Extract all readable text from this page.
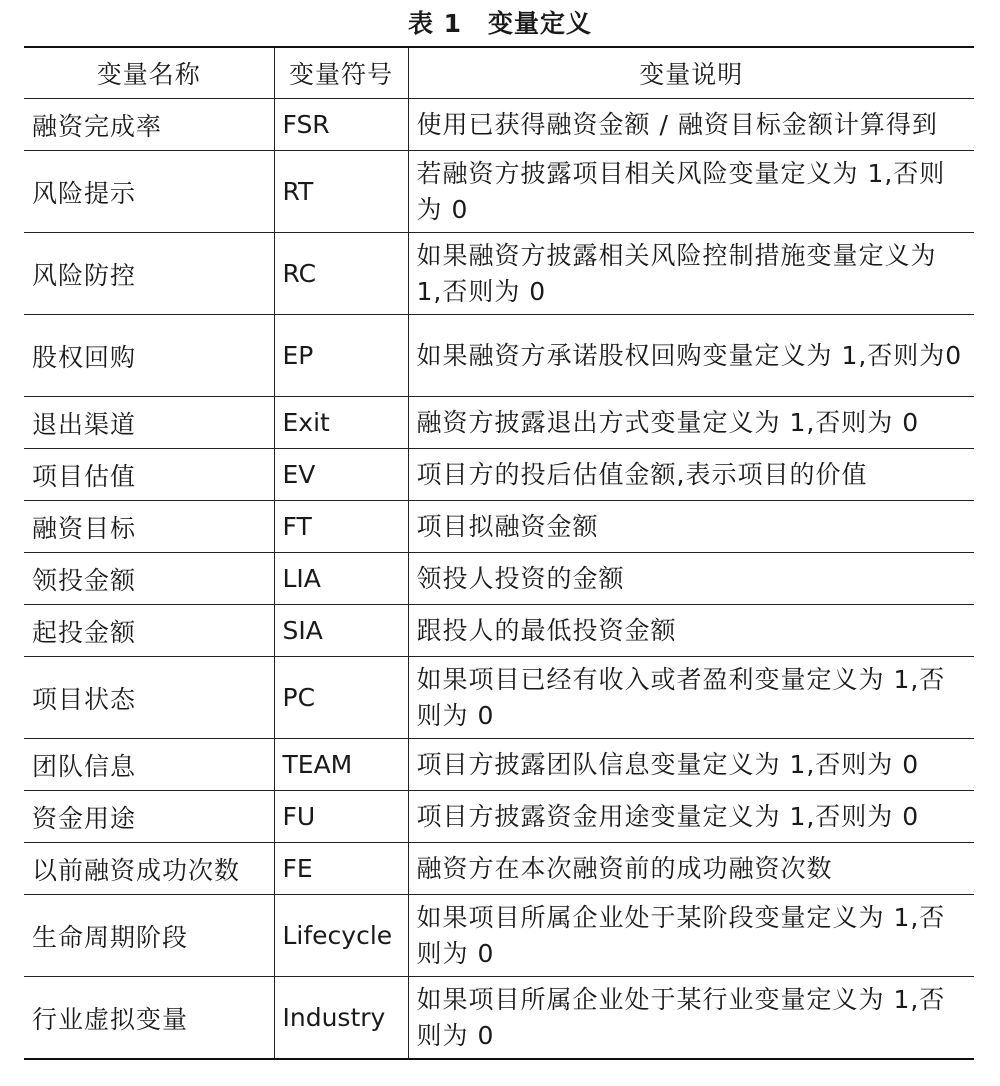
表 1 变量定义
变量名称	变量符号	变量说明
融资完成率	FSR	使用已获得融资金额 / 融资目标金额计算得到
风险提示	RT	若融资方披露项目相关风险变量定义为 1,否则为 0
风险防控	RC	如果融资方披露相关风险控制措施变量定义为 1,否则为 0
股权回购	EP	如果融资方承诺股权回购变量定义为 1,否则为0
退出渠道	Exit	融资方披露退出方式变量定义为 1,否则为 0
项目估值	EV	项目方的投后估值金额,表示项目的价值
融资目标	FT	项目拟融资金额
领投金额	LIA	领投人投资的金额
起投金额	SIA	跟投人的最低投资金额
项目状态	PC	如果项目已经有收入或者盈利变量定义为 1,否则为 0
团队信息	TEAM	项目方披露团队信息变量定义为 1,否则为 0
资金用途	FU	项目方披露资金用途变量定义为 1,否则为 0
以前融资成功次数	FE	融资方在本次融资前的成功融资次数
生命周期阶段	Lifecycle	如果项目所属企业处于某阶段变量定义为 1,否则为 0
行业虚拟变量	Industry	如果项目所属企业处于某行业变量定义为 1,否则为 0
